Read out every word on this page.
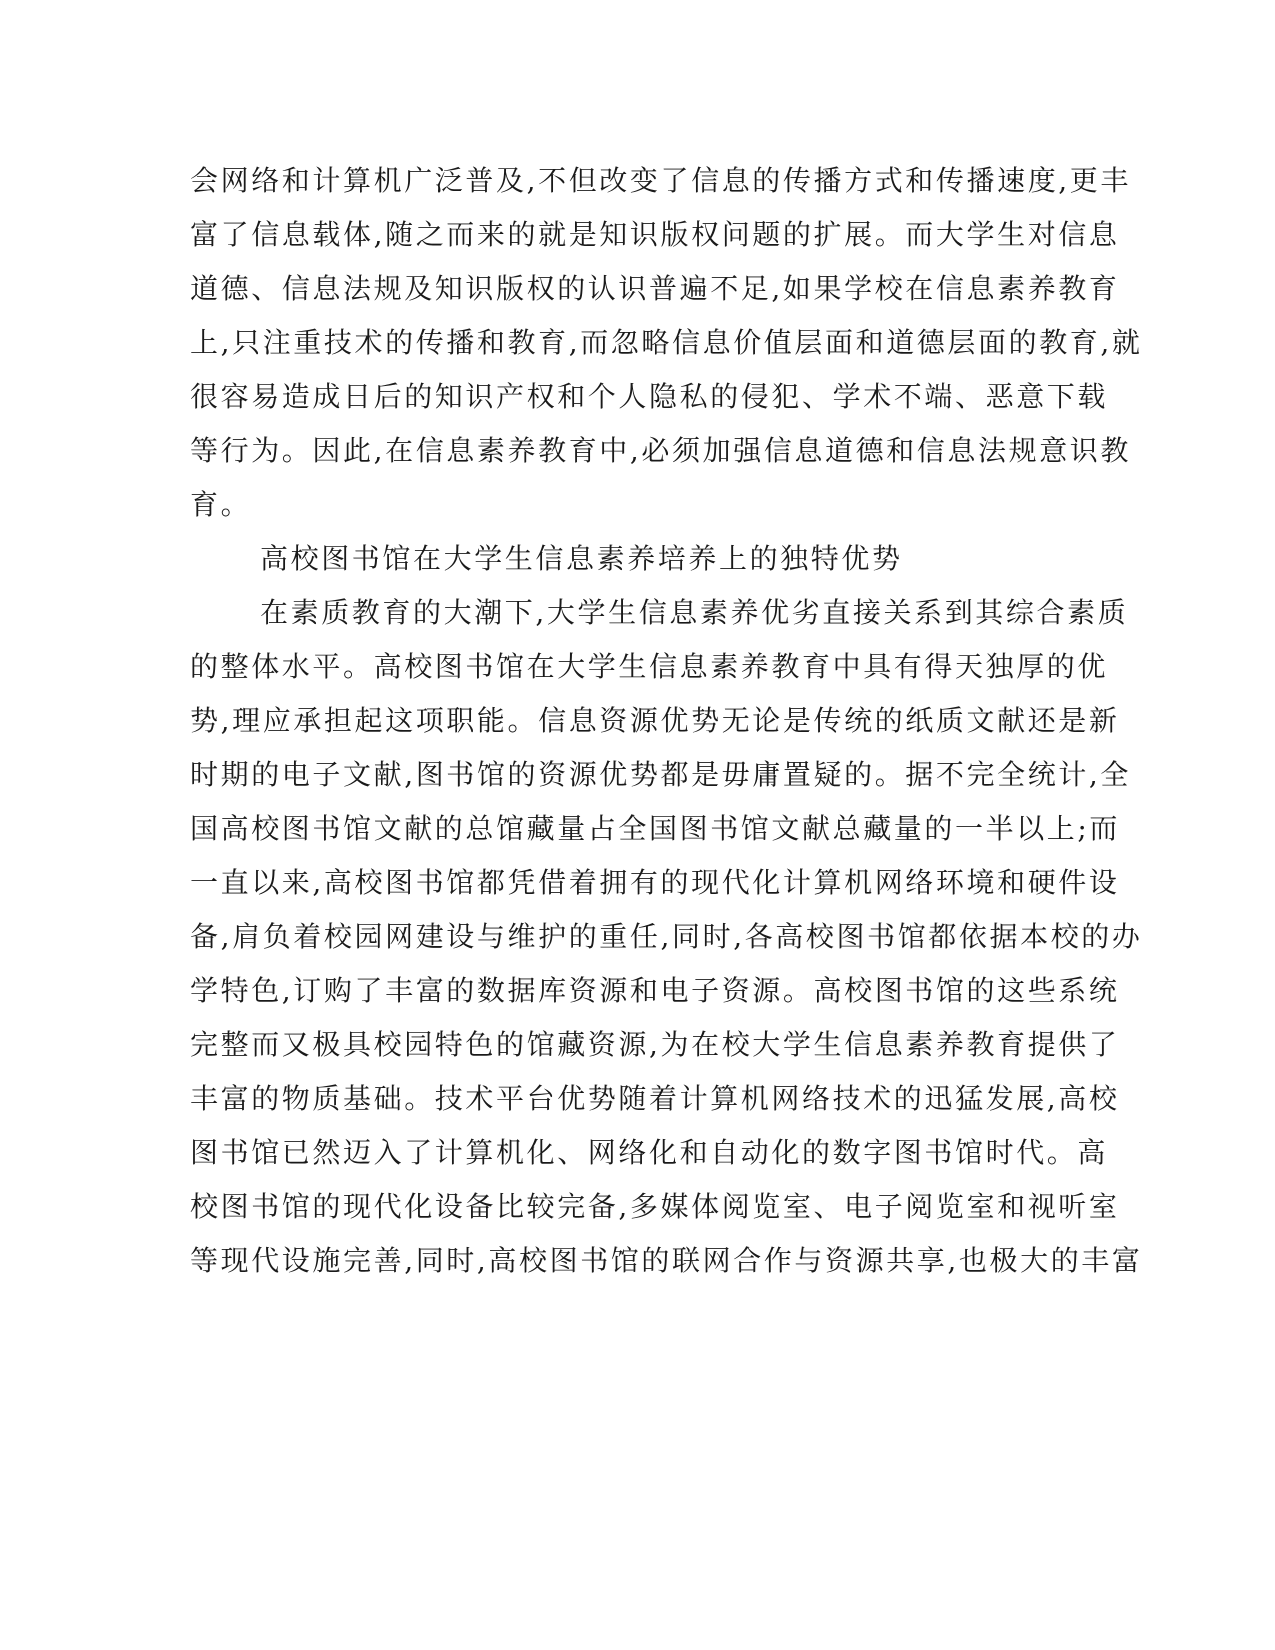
会网络和计算机广泛普及,不但改变了信息的传播方式和传播速度,更丰
富了信息载体,随之而来的就是知识版权问题的扩展。而大学生对信息
道德、信息法规及知识版权的认识普遍不足,如果学校在信息素养教育
上,只注重技术的传播和教育,而忽略信息价值层面和道德层面的教育,就
很容易造成日后的知识产权和个人隐私的侵犯、学术不端、恶意下载
等行为。因此,在信息素养教育中,必须加强信息道德和信息法规意识教
育。
高校图书馆在大学生信息素养培养上的独特优势
在素质教育的大潮下,大学生信息素养优劣直接关系到其综合素质
的整体水平。高校图书馆在大学生信息素养教育中具有得天独厚的优
势,理应承担起这项职能。信息资源优势无论是传统的纸质文献还是新
时期的电子文献,图书馆的资源优势都是毋庸置疑的。据不完全统计,全
国高校图书馆文献的总馆藏量占全国图书馆文献总藏量的一半以上;而
一直以来,高校图书馆都凭借着拥有的现代化计算机网络环境和硬件设
备,肩负着校园网建设与维护的重任,同时,各高校图书馆都依据本校的办
学特色,订购了丰富的数据库资源和电子资源。高校图书馆的这些系统
完整而又极具校园特色的馆藏资源,为在校大学生信息素养教育提供了
丰富的物质基础。技术平台优势随着计算机网络技术的迅猛发展,高校
图书馆已然迈入了计算机化、网络化和自动化的数字图书馆时代。高
校图书馆的现代化设备比较完备,多媒体阅览室、电子阅览室和视听室
等现代设施完善,同时,高校图书馆的联网合作与资源共享,也极大的丰富
